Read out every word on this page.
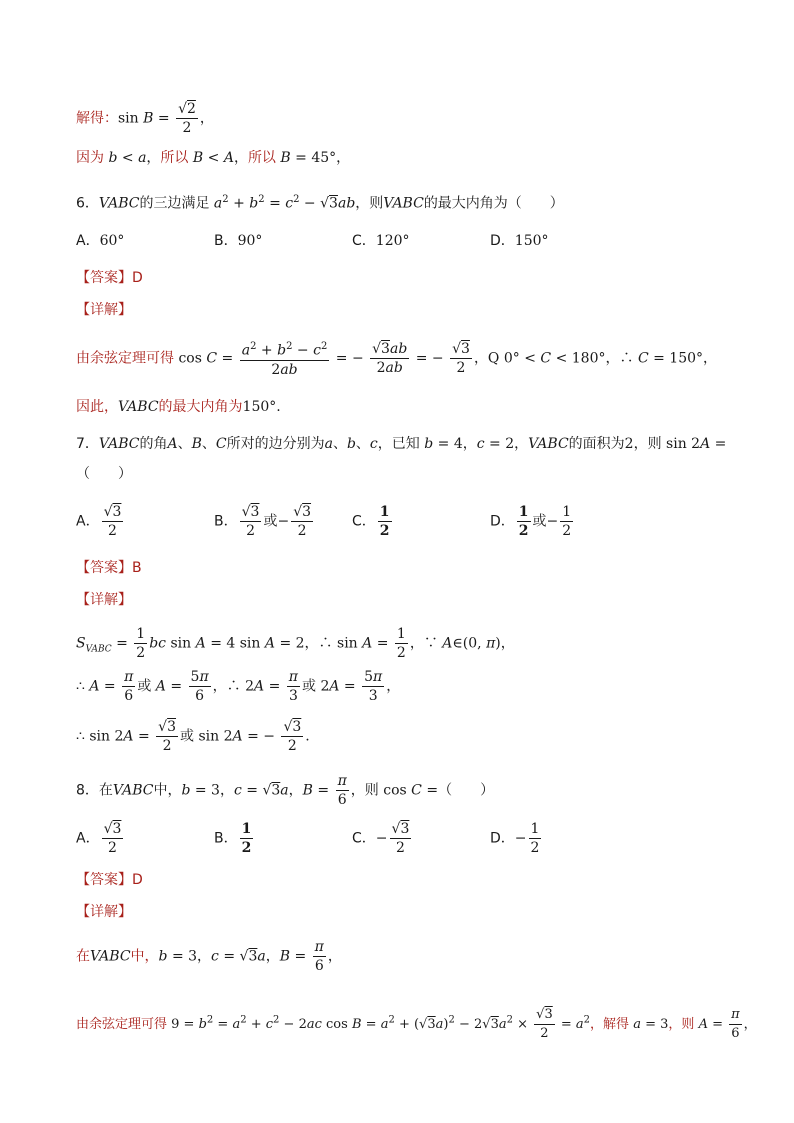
解得：$\sin B = \frac{√2}{2}$ ，
因为 b < a，所以 B < A，所以 B = 45°，
6．VABC的三边满足 $a^2 + b^2 = c^2 - √3ab$，则VABC的最大内角为（　　）
A．60°	B．90°	C．120°	D．150°
【答案】D
【详解】
由余弦定理可得 $\cos C = \frac{a^2 + b^2 - c^2}{2ab}$ = − $\frac{√3ab}{2ab}$ = − $\frac{√3}{2}$ ，Q 0° < C < 180°，∴ C = 150°，
因此，VABC的最大内角为150°.
7．VABC的角A、B、C所对的边分别为a、b、c，已知 b = 4，c = 2，VABC的面积为2，则 sin 2A =
（　　）
A． $\frac{√3}{2}$	B． $\frac{√3}{2}$ 或− $\frac{√3}{2}$	C． $\frac{1}{2}$	D． $\frac{1}{2}$ 或− $\frac{1}{2}$
【答案】B
【详解】
$S_{VABC} = \frac{1}{2}$ bc sin A = 4 sin A = 2，∴ $\sin A = \frac{1}{2}$ ，∵ A∈(0, π)，
∴ $A = \frac{\pi}{6}$ 或 $A = \frac{5\pi}{6}$ ，∴ $2A = \frac{\pi}{3}$ 或 $2A = \frac{5\pi}{3}$ ，
∴ $\sin 2A = \frac{√3}{2}$ 或 sin 2A = − $\frac{√3}{2}$ .
8．在VABC中，b = 3，c = √3a，$B = \frac{\pi}{6}$ ，则 cos C =（　　）
A． $\frac{√3}{2}$	B． $\frac{1}{2}$	C．− $\frac{√3}{2}$	D．− $\frac{1}{2}$
【答案】D
【详解】
在VABC中，b = 3，c = √3a，$B = \frac{\pi}{6}$ ，
由余弦定理可得 $9 = b^2 = a^2 + c^2 - 2ac$ $\cos B = a^2 + (√3a)^2 - 2√3a^2 \times \frac{√3}{2} = a^2$，解得 a = 3，则 $A = \frac{\pi}{6}$ ，
